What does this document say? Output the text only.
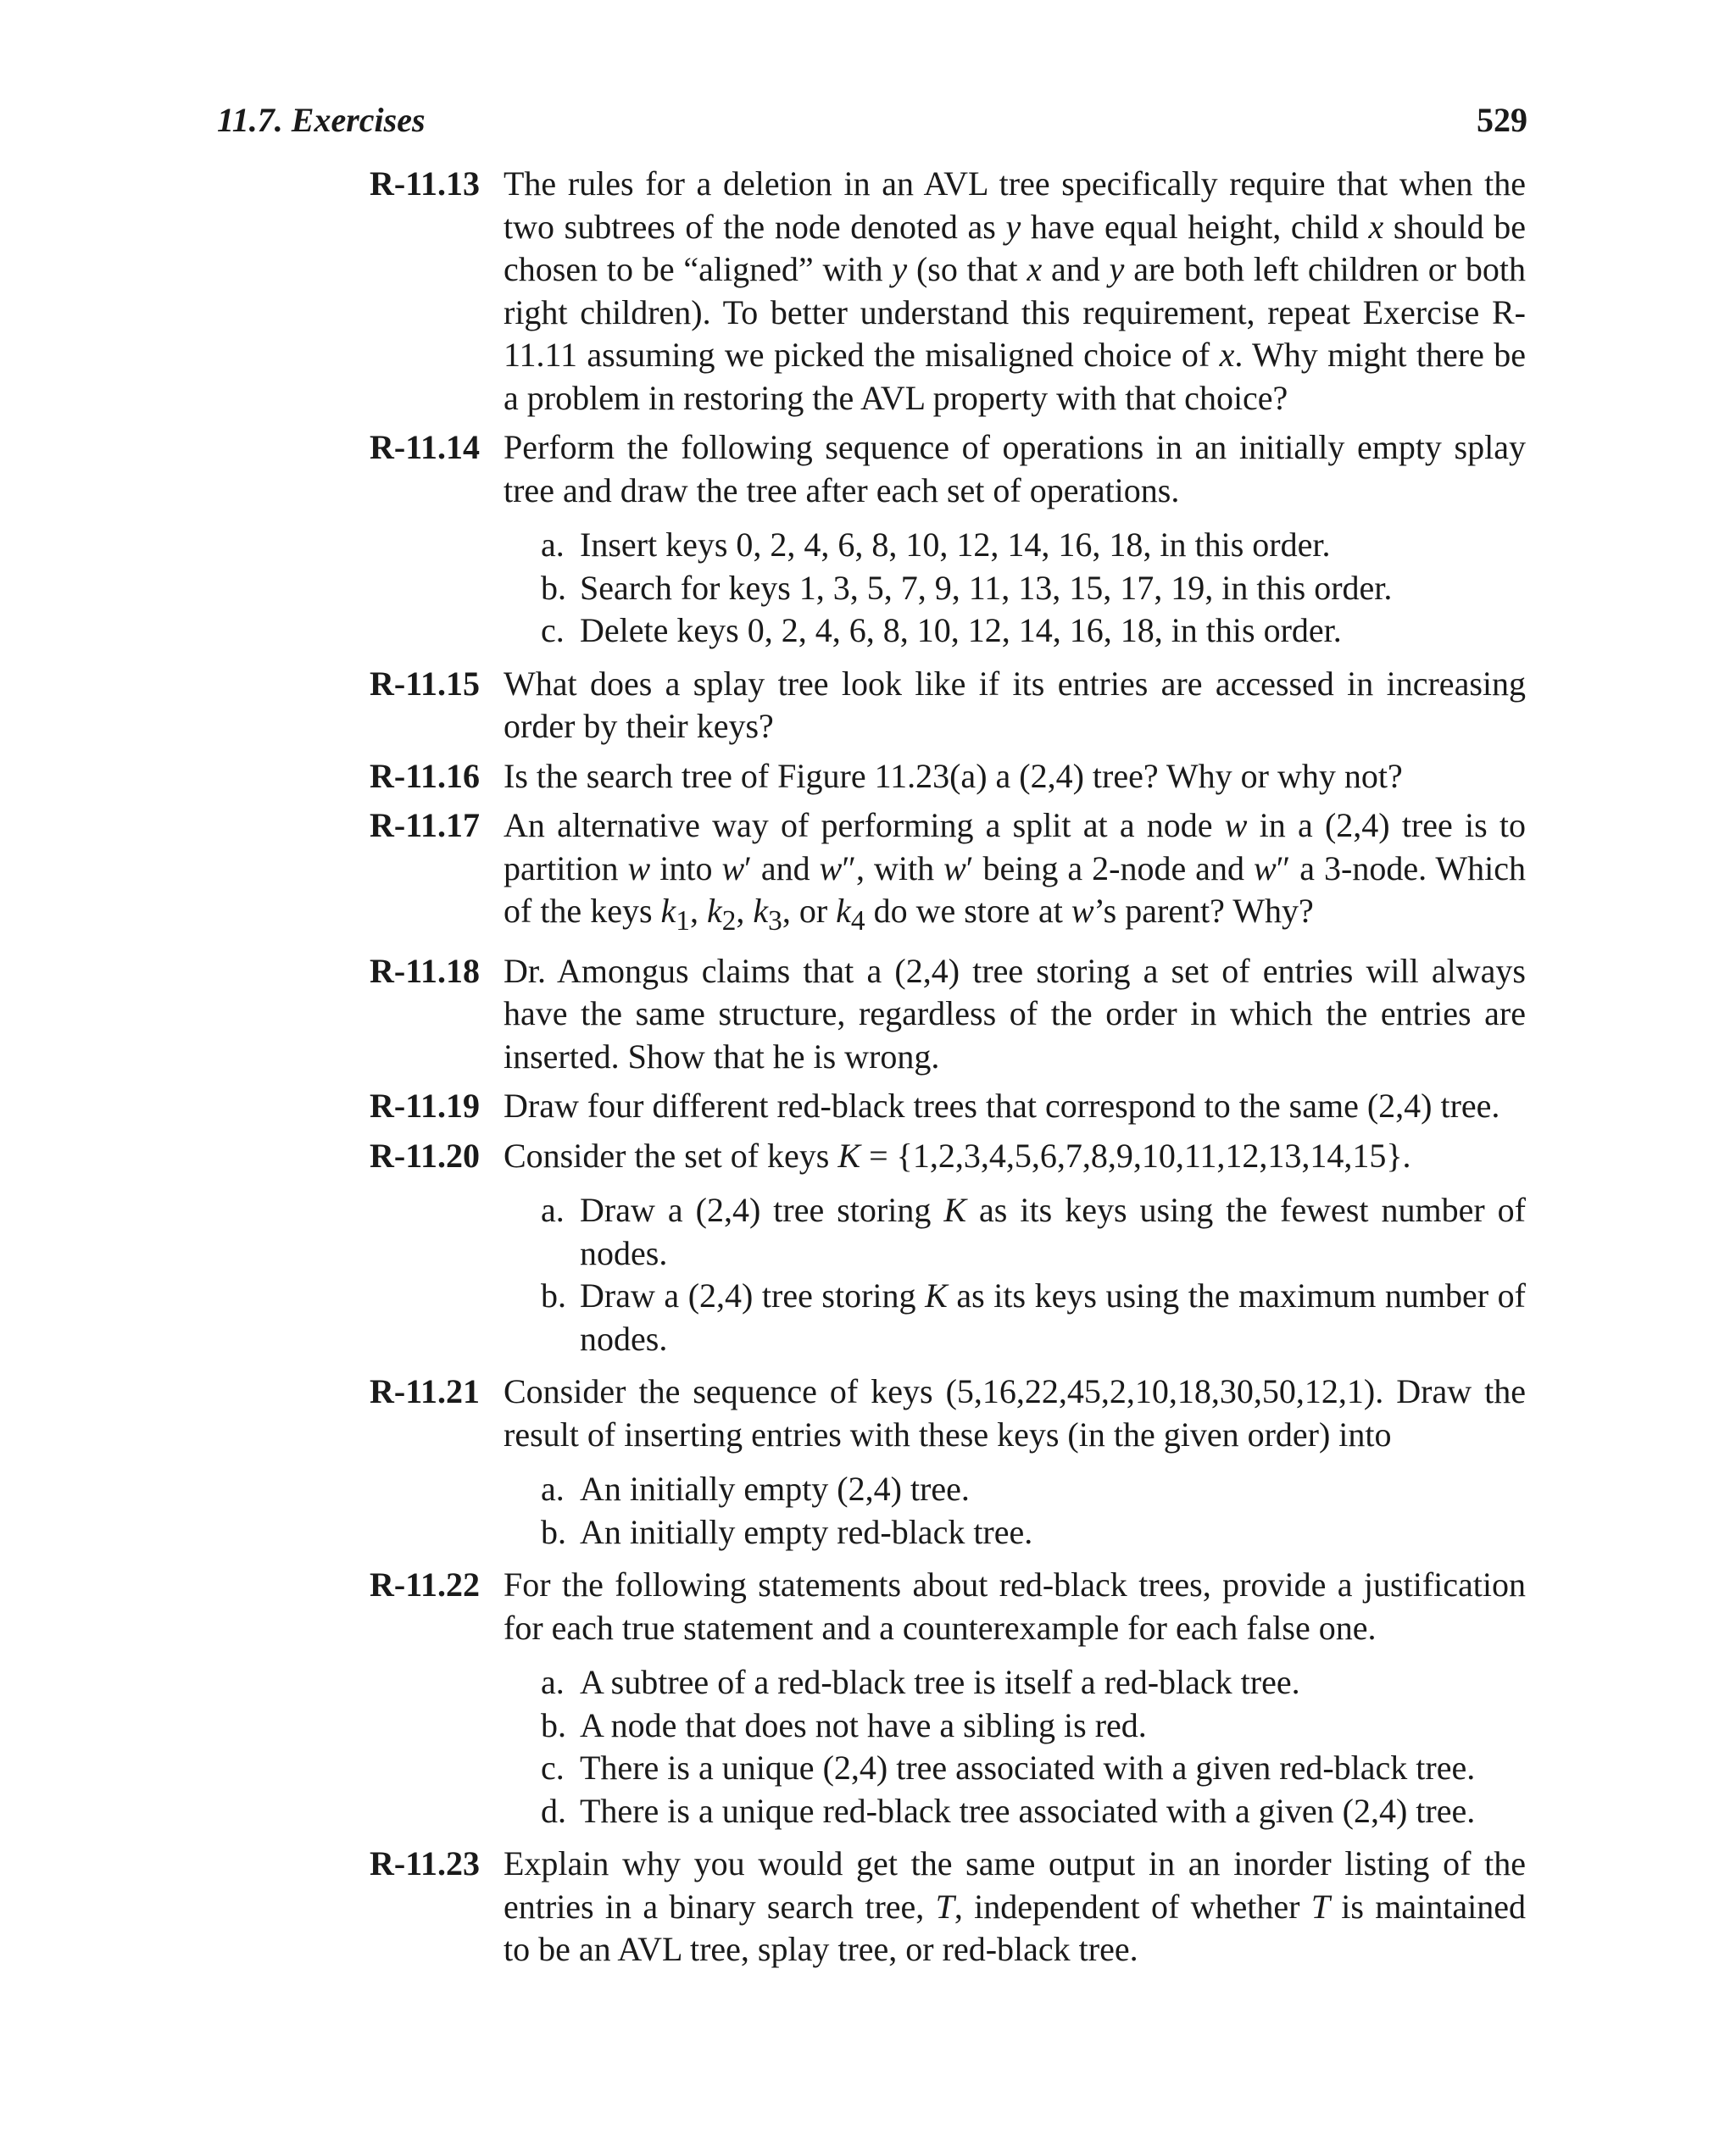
11.7. Exercises	529
R-11.13 The rules for a deletion in an AVL tree specifically require that when the two subtrees of the node denoted as y have equal height, child x should be chosen to be “aligned” with y (so that x and y are both left children or both right children). To better understand this requirement, repeat Exercise R-11.11 assuming we picked the misaligned choice of x. Why might there be a problem in restoring the AVL property with that choice?
R-11.14 Perform the following sequence of operations in an initially empty splay tree and draw the tree after each set of operations.
a. Insert keys 0, 2, 4, 6, 8, 10, 12, 14, 16, 18, in this order.
b. Search for keys 1, 3, 5, 7, 9, 11, 13, 15, 17, 19, in this order.
c. Delete keys 0, 2, 4, 6, 8, 10, 12, 14, 16, 18, in this order.
R-11.15 What does a splay tree look like if its entries are accessed in increasing order by their keys?
R-11.16 Is the search tree of Figure 11.23(a) a (2,4) tree? Why or why not?
R-11.17 An alternative way of performing a split at a node w in a (2,4) tree is to partition w into w′ and w″, with w′ being a 2-node and w″ a 3-node. Which of the keys $k_1$, $k_2$, $k_3$, or $k_4$ do we store at w’s parent? Why?
R-11.18 Dr. Amongus claims that a (2,4) tree storing a set of entries will always have the same structure, regardless of the order in which the entries are inserted. Show that he is wrong.
R-11.19 Draw four different red-black trees that correspond to the same (2,4) tree.
R-11.20 Consider the set of keys K = {1,2,3,4,5,6,7,8,9,10,11,12,13,14,15}.
a. Draw a (2,4) tree storing K as its keys using the fewest number of nodes.
b. Draw a (2,4) tree storing K as its keys using the maximum number of nodes.
R-11.21 Consider the sequence of keys (5,16,22,45,2,10,18,30,50,12,1). Draw the result of inserting entries with these keys (in the given order) into
a. An initially empty (2,4) tree.
b. An initially empty red-black tree.
R-11.22 For the following statements about red-black trees, provide a justification for each true statement and a counterexample for each false one.
a. A subtree of a red-black tree is itself a red-black tree.
b. A node that does not have a sibling is red.
c. There is a unique (2,4) tree associated with a given red-black tree.
d. There is a unique red-black tree associated with a given (2,4) tree.
R-11.23 Explain why you would get the same output in an inorder listing of the entries in a binary search tree, T, independent of whether T is maintained to be an AVL tree, splay tree, or red-black tree.
